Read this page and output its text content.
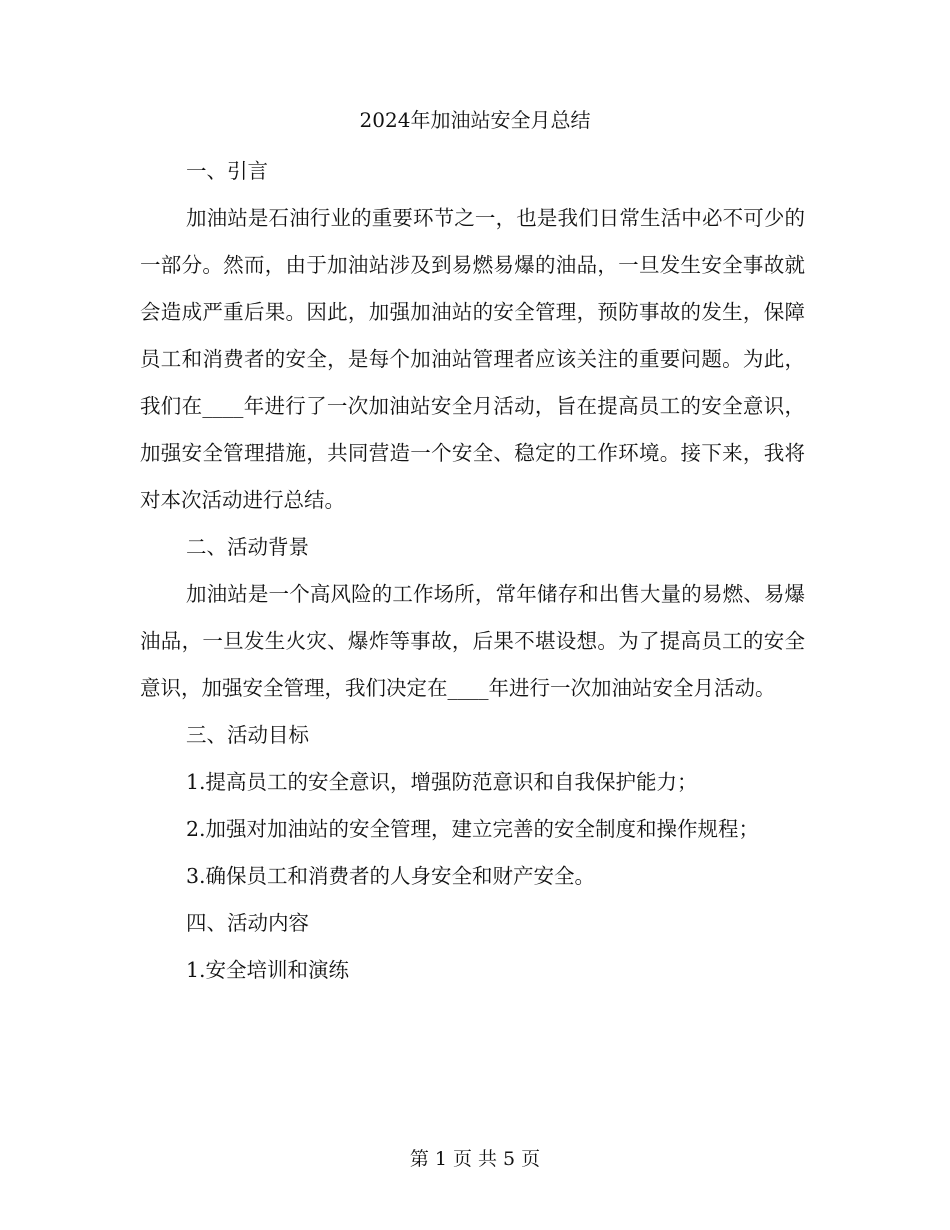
2024年加油站安全月总结

一、引言

加油站是石油行业的重要环节之一，也是我们日常生活中必不可少的一部分。然而，由于加油站涉及到易燃易爆的油品，一旦发生安全事故就会造成严重后果。因此，加强加油站的安全管理，预防事故的发生，保障员工和消费者的安全，是每个加油站管理者应该关注的重要问题。为此，我们在____年进行了一次加油站安全月活动，旨在提高员工的安全意识，加强安全管理措施，共同营造一个安全、稳定的工作环境。接下来，我将对本次活动进行总结。

二、活动背景

加油站是一个高风险的工作场所，常年储存和出售大量的易燃、易爆油品，一旦发生火灾、爆炸等事故，后果不堪设想。为了提高员工的安全意识，加强安全管理，我们决定在____年进行一次加油站安全月活动。

三、活动目标

1.提高员工的安全意识，增强防范意识和自我保护能力；

2.加强对加油站的安全管理，建立完善的安全制度和操作规程；

3.确保员工和消费者的人身安全和财产安全。

四、活动内容

1.安全培训和演练

第 1 页 共 5 页
